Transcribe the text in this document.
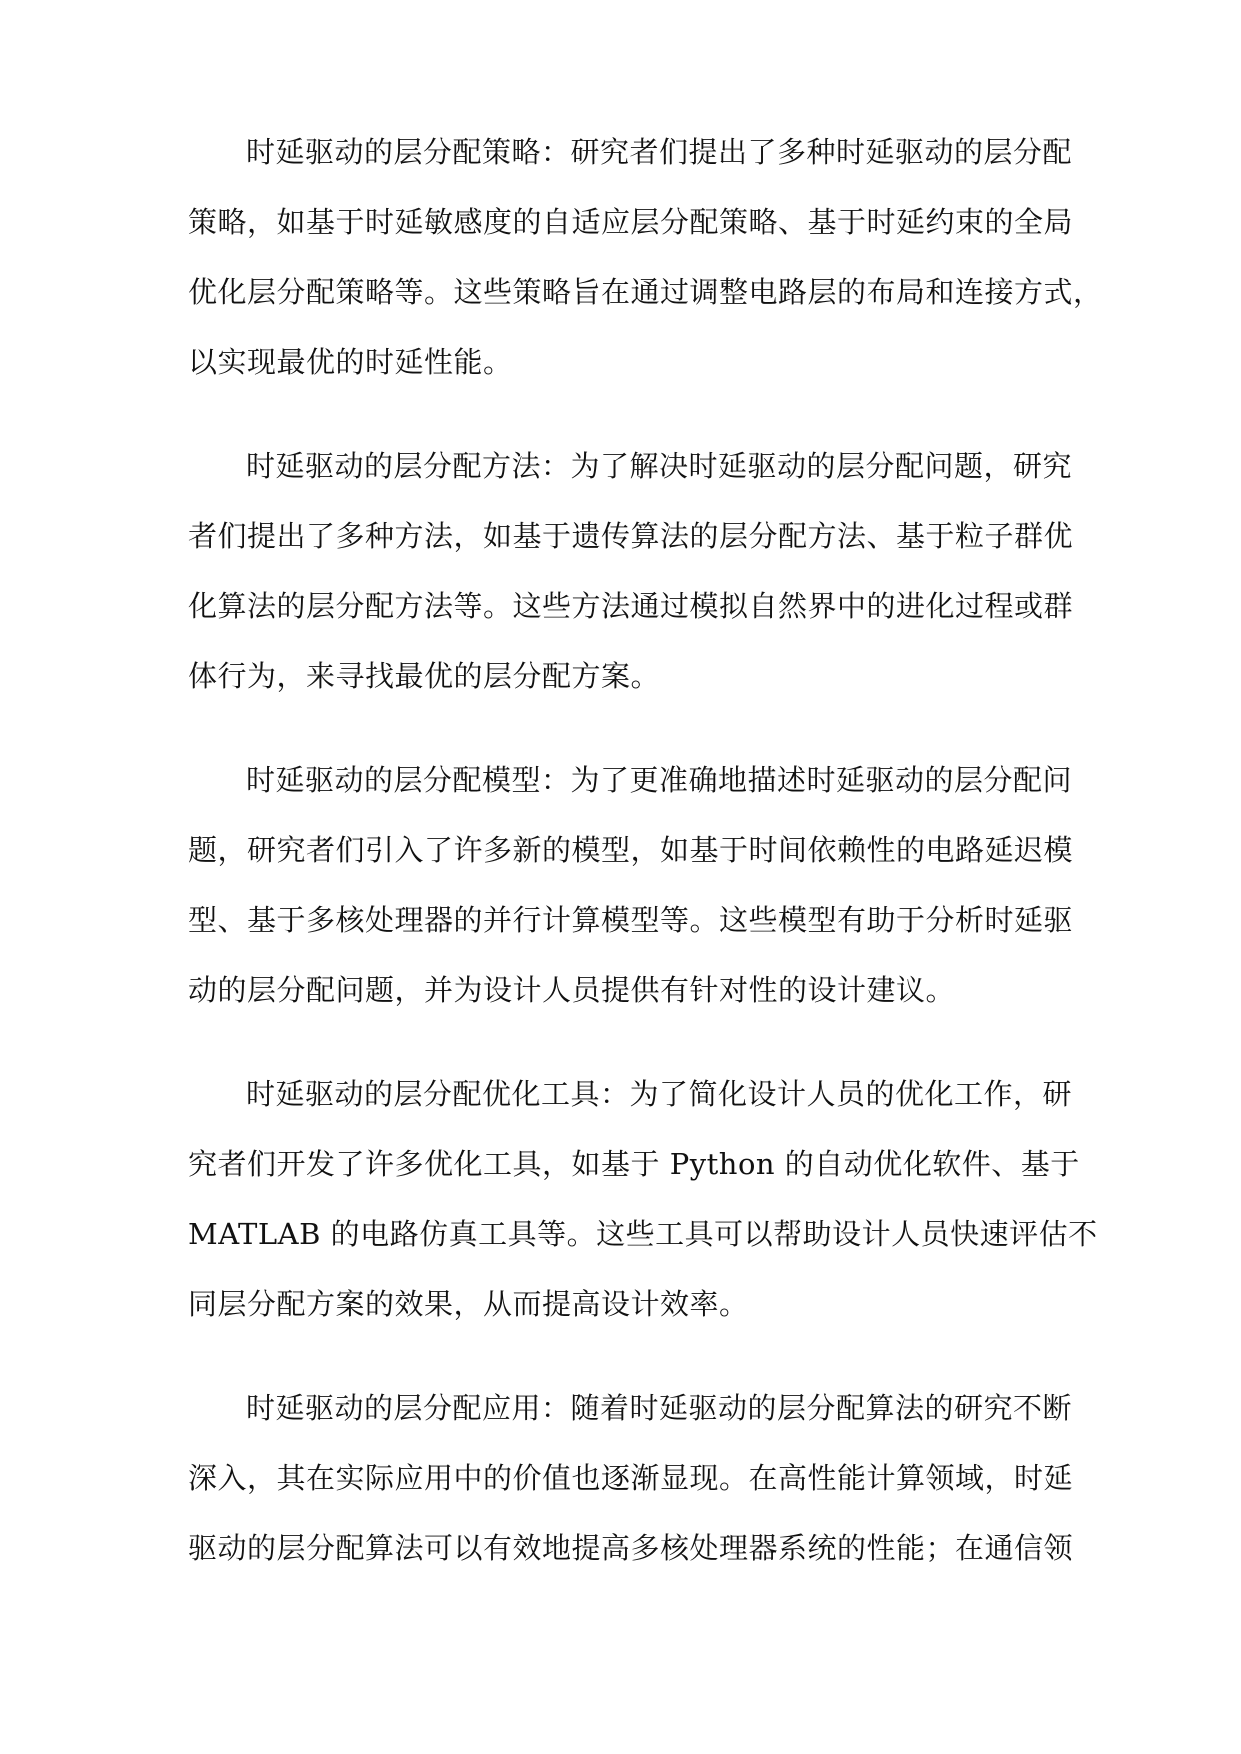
时延驱动的层分配策略：研究者们提出了多种时延驱动的层分配
策略，如基于时延敏感度的自适应层分配策略、基于时延约束的全局
优化层分配策略等。这些策略旨在通过调整电路层的布局和连接方式，
以实现最优的时延性能。
时延驱动的层分配方法：为了解决时延驱动的层分配问题，研究
者们提出了多种方法，如基于遗传算法的层分配方法、基于粒子群优
化算法的层分配方法等。这些方法通过模拟自然界中的进化过程或群
体行为，来寻找最优的层分配方案。
时延驱动的层分配模型：为了更准确地描述时延驱动的层分配问
题，研究者们引入了许多新的模型，如基于时间依赖性的电路延迟模
型、基于多核处理器的并行计算模型等。这些模型有助于分析时延驱
动的层分配问题，并为设计人员提供有针对性的设计建议。
时延驱动的层分配优化工具：为了简化设计人员的优化工作，研
究者们开发了许多优化工具，如基于 Python 的自动优化软件、基于
MATLAB 的电路仿真工具等。这些工具可以帮助设计人员快速评估不
同层分配方案的效果，从而提高设计效率。
时延驱动的层分配应用：随着时延驱动的层分配算法的研究不断
深入，其在实际应用中的价值也逐渐显现。在高性能计算领域，时延
驱动的层分配算法可以有效地提高多核处理器系统的性能；在通信领
